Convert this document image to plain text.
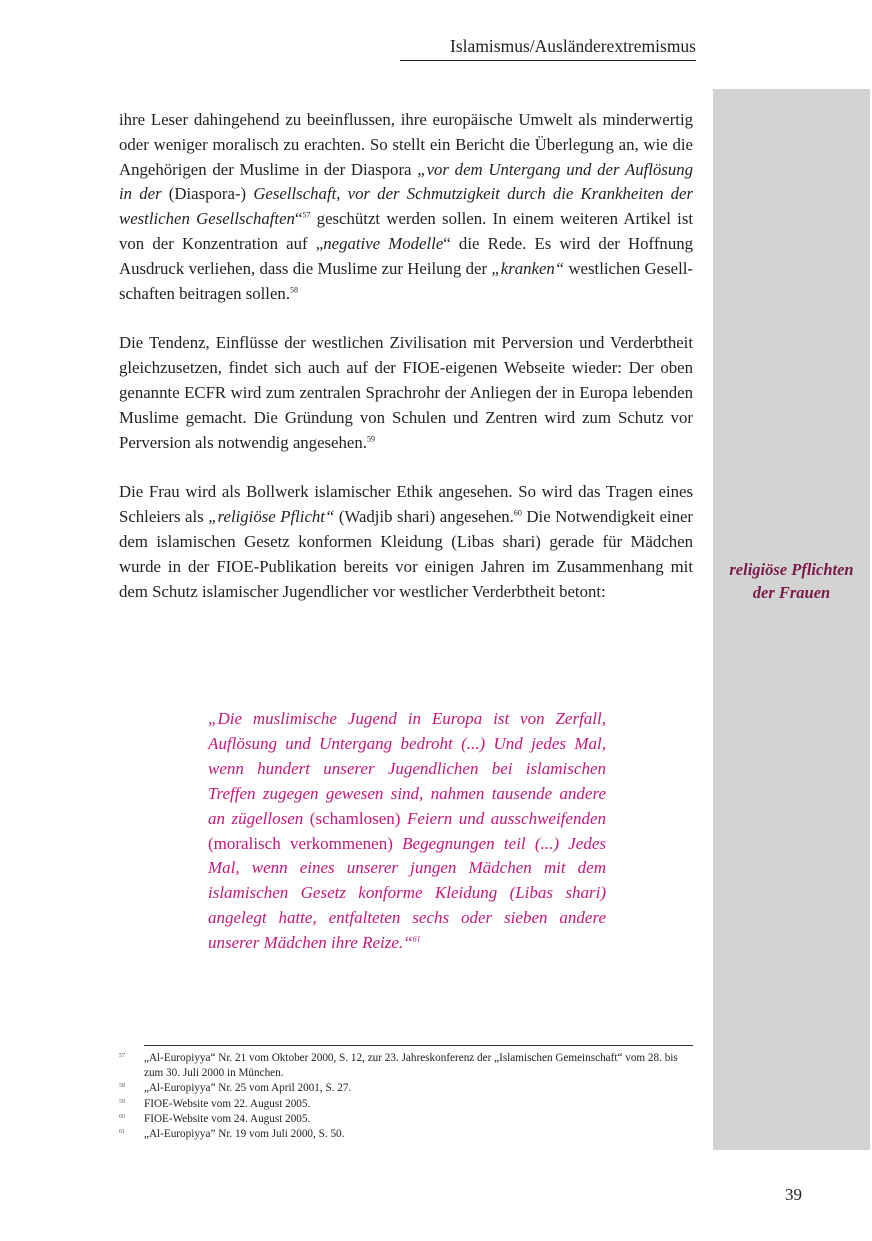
Islamismus/Ausländerextremismus
religiöse Pflichten
der Frauen

ihre Leser dahingehend zu beeinflussen, ihre europäische Umwelt als minderwertig oder weniger moralisch zu erachten. So stellt ein Bericht die Überlegung an, wie die Angehörigen der Muslime in der Diaspora „vor dem Untergang und der Auflösung in der (Diaspora-) Gesellschaft, vor der Schmutzigkeit durch die Krankheiten der westlichen Gesellschaften“$^{57}$ geschützt werden sollen. In einem weiteren Artikel ist von der Konzentration auf „negative Modelle“ die Rede. Es wird der Hoffnung Ausdruck verliehen, dass die Muslime zur Heilung der „kranken“ westlichen Gesellschaften beitragen sollen.$^{58}$

Die Tendenz, Einflüsse der westlichen Zivilisation mit Perversion und Verderbtheit gleichzusetzen, findet sich auch auf der FIOE-eigenen Webseite wieder: Der oben genannte ECFR wird zum zentralen Sprachrohr der Anliegen der in Europa lebenden Muslime gemacht. Die Gründung von Schulen und Zentren wird zum Schutz vor Perversion als notwendig angesehen.$^{59}$

Die Frau wird als Bollwerk islamischer Ethik angesehen. So wird das Tragen eines Schleiers als „religiöse Pflicht“ (Wadjib shari) angesehen.$^{60}$ Die Notwendigkeit einer dem islamischen Gesetz konformen Kleidung (Libas shari) gerade für Mädchen wurde in der FIOE-Publikation bereits vor einigen Jahren im Zusammenhang mit dem Schutz islamischer Jugendlicher vor westlicher Verderbtheit betont:

„Die muslimische Jugend in Europa ist von Zerfall, Auflösung und Untergang bedroht (...) Und jedes Mal, wenn hundert unserer Jugendlichen bei islamischen Treffen zugegen gewesen sind, nahmen tausende andere an zügellosen (schamlosen) Feiern und ausschweifenden (moralisch verkommenen) Begegnungen teil (...) Jedes Mal, wenn eines unserer jungen Mädchen mit dem islamischen Gesetz konforme Kleidung (Libas shari) angelegt hatte, entfalteten sechs oder sieben andere unserer Mädchen ihre Reize.“$^{61}$
57	„Al-Europiyya“ Nr. 21 vom Oktober 2000, S. 12, zur 23. Jahreskonferenz der „Islamischen Gemeinschaft“ vom 28. bis zum 30. Juli 2000 in München.
58	„Al-Europiyya” Nr. 25 vom April 2001, S. 27.
59	FIOE-Website vom 22. August 2005.
60	FIOE-Website vom 24. August 2005.
61	„Al-Europiyya” Nr. 19 vom Juli 2000, S. 50.
39
